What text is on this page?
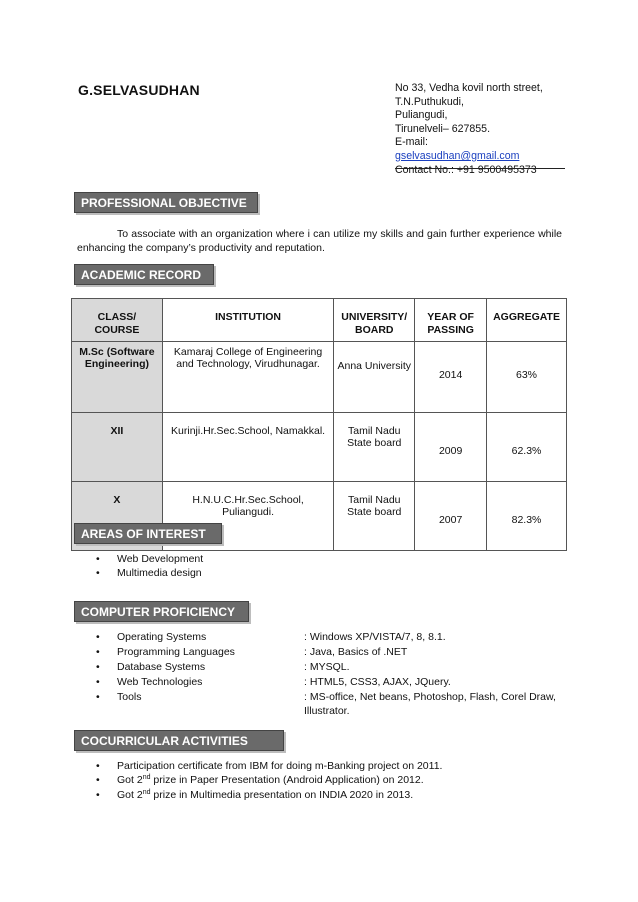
G.SELVASUDHAN	No 33, Vedha kovil north street,
T.N.Puthukudi,
Puliangudi,
Tirunelveli– 627855.
E-mail:
gselvasudhan@gmail.com
Contact No.: +91 9500495373
PROFESSIONAL OBJECTIVE
To associate with an organization where i can utilize my skills and gain further experience while enhancing the company’s productivity and reputation.
ACADEMIC RECORD
CLASS/ COURSE	INSTITUTION	UNIVERSITY/ BOARD	YEAR OF PASSING	AGGREGATE
M.Sc (Software Engineering)	Kamaraj College of Engineering and Technology, Virudhunagar.	Anna University	2014	63%
XII	Kurinji.Hr.Sec.School, Namakkal.	Tamil Nadu State board	2009	62.3%
X	H.N.U.C.Hr.Sec.School, Puliangudi.	Tamil Nadu State board	2007	82.3%
AREAS OF INTEREST
• Web Development
• Multimedia design
COMPUTER PROFICIENCY
• Operating Systems	: Windows XP/VISTA/7, 8, 8.1.
• Programming Languages	: Java, Basics of .NET
• Database Systems	: MYSQL.
• Web Technologies	: HTML5, CSS3, AJAX, JQuery.
• Tools	: MS-office, Net beans, Photoshop, Flash, Corel Draw, Illustrator.
COCURRICULAR ACTIVITIES
• Participation certificate from IBM for doing m-Banking project on 2011.
• Got 2nd prize in Paper Presentation (Android Application) on 2012.
• Got 2nd prize in Multimedia presentation on INDIA 2020 in 2013.
